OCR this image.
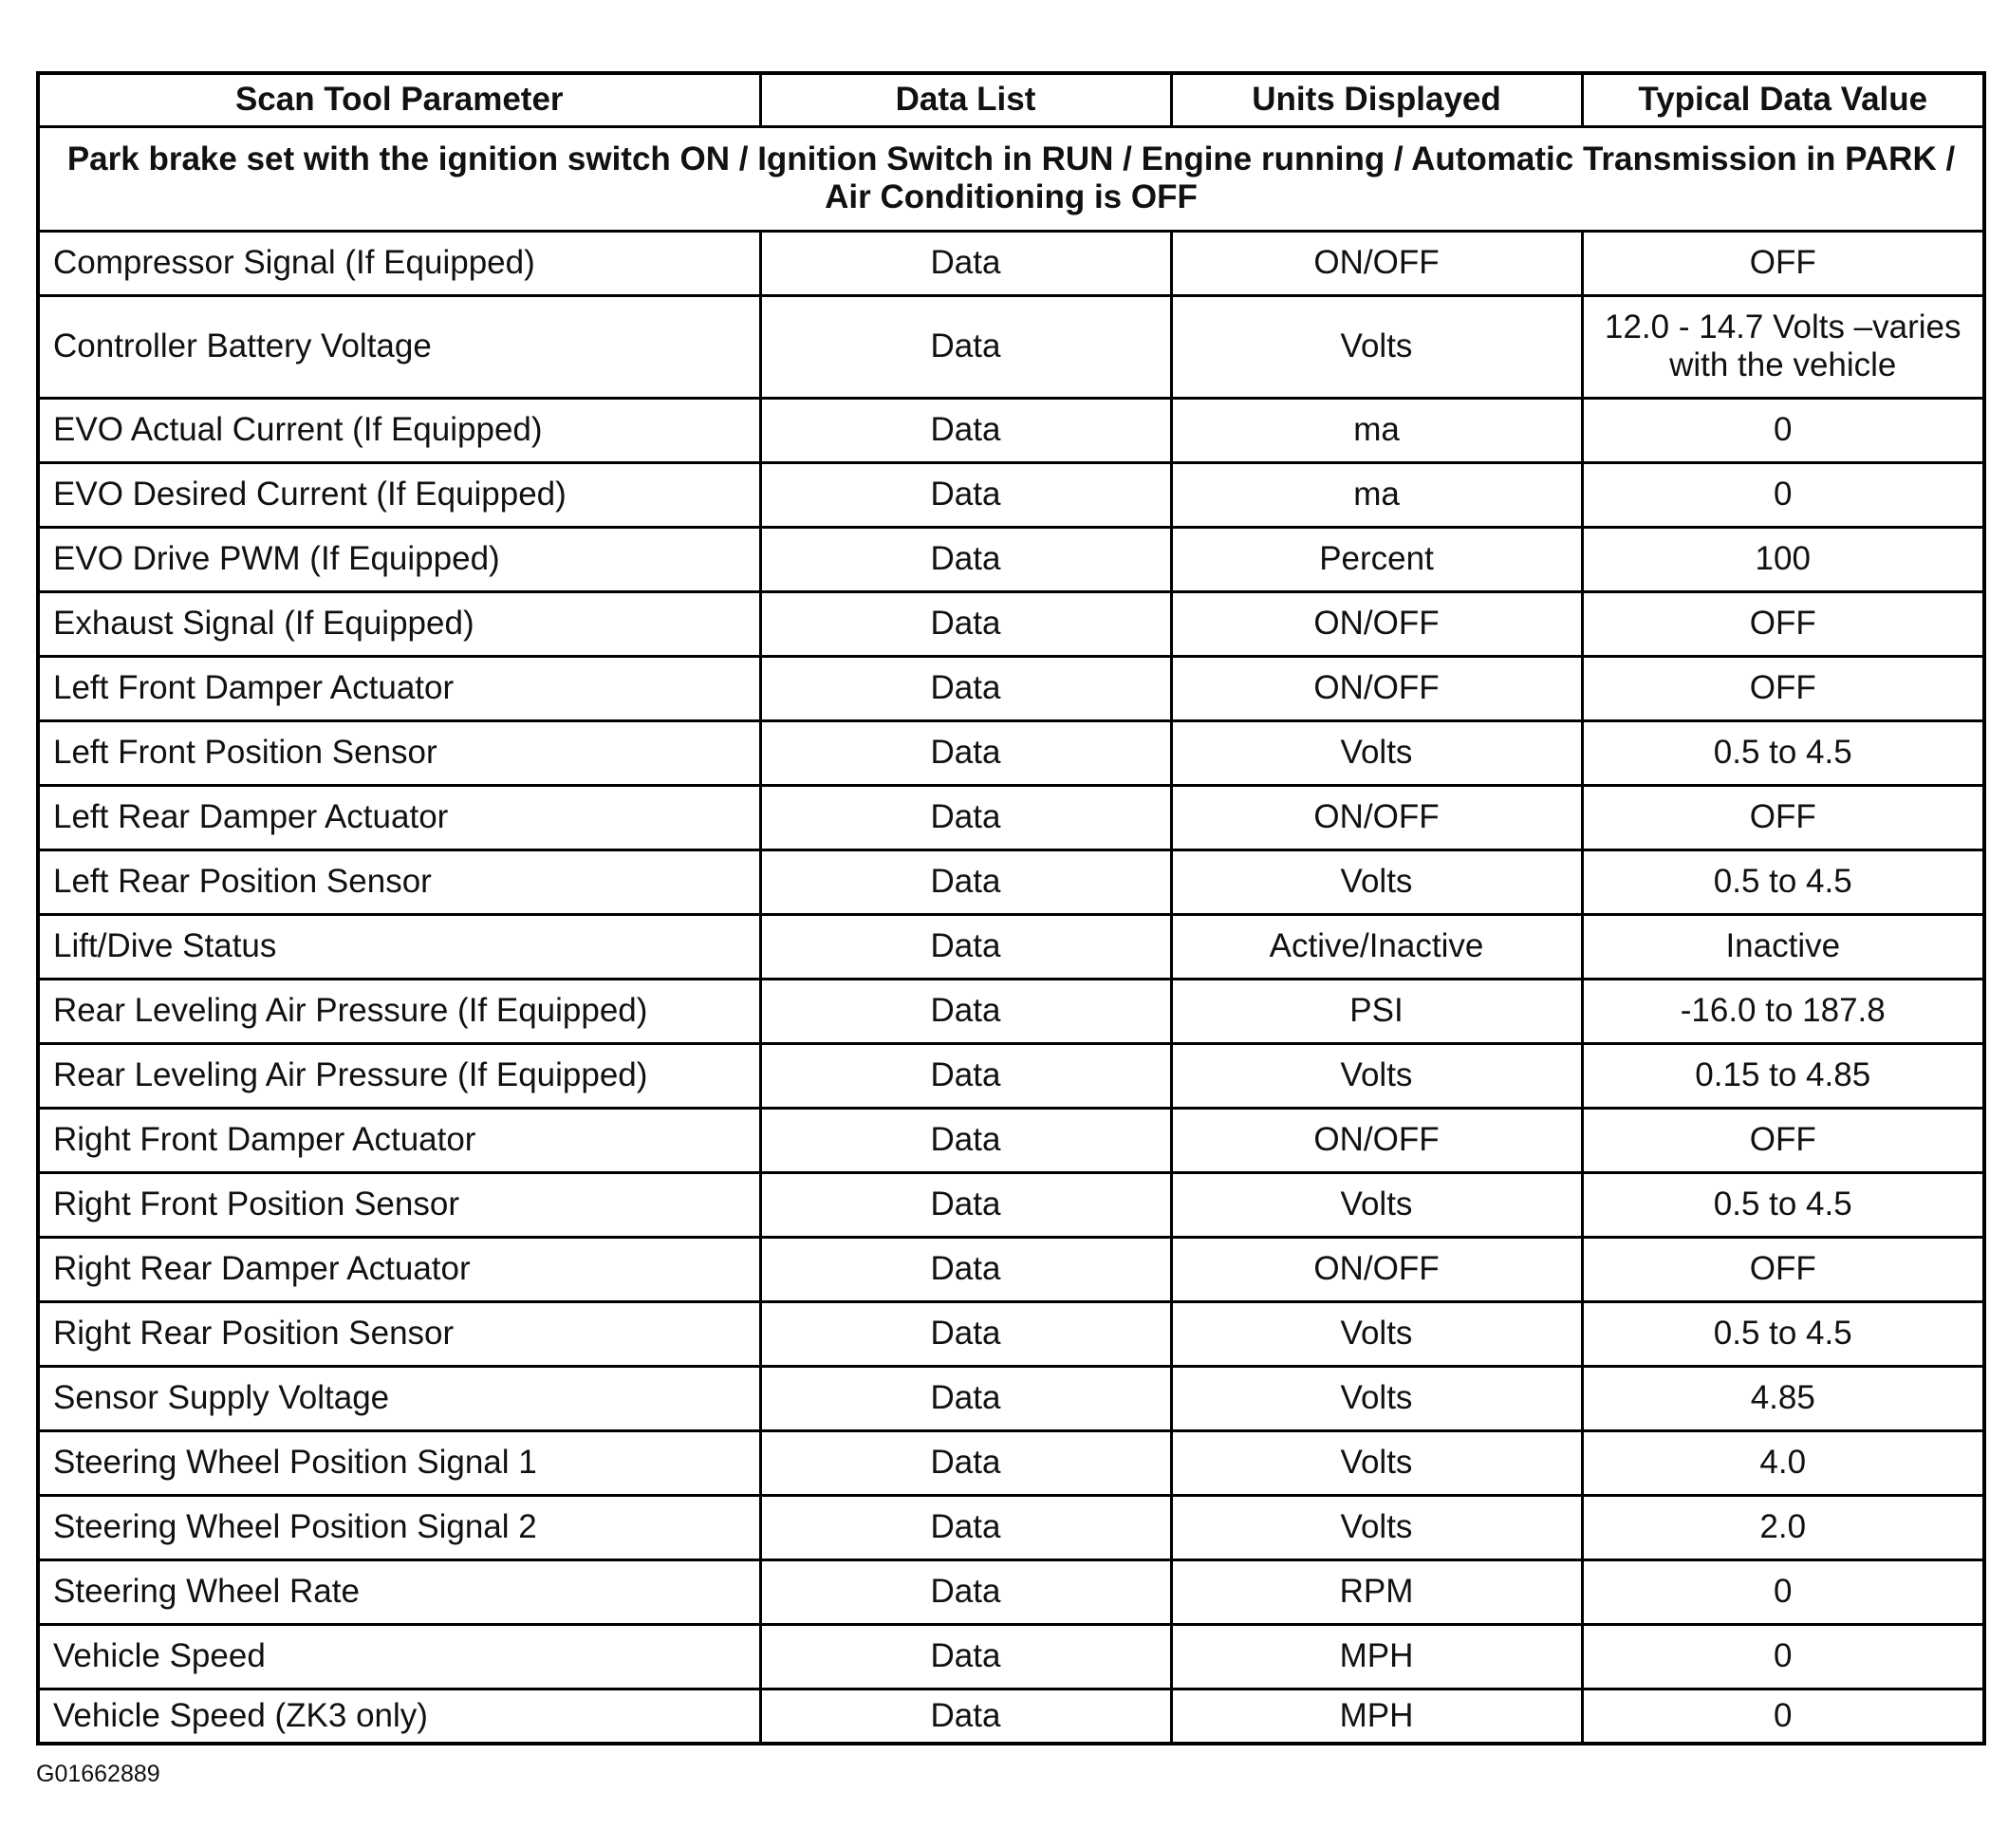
Scan Tool Parameter	Data List	Units Displayed	Typical Data Value
Park brake set with the ignition switch ON / Ignition Switch in RUN / Engine running / Automatic Transmission in PARK / Air Conditioning is OFF			
Compressor Signal (If Equipped)	Data	ON/OFF	OFF
Controller Battery Voltage	Data	Volts	12.0 - 14.7 Volts –varies with the vehicle
EVO Actual Current (If Equipped)	Data	ma	0
EVO Desired Current (If Equipped)	Data	ma	0
EVO Drive PWM (If Equipped)	Data	Percent	100
Exhaust Signal (If Equipped)	Data	ON/OFF	OFF
Left Front Damper Actuator	Data	ON/OFF	OFF
Left Front Position Sensor	Data	Volts	0.5 to 4.5
Left Rear Damper Actuator	Data	ON/OFF	OFF
Left Rear Position Sensor	Data	Volts	0.5 to 4.5
Lift/Dive Status	Data	Active/Inactive	Inactive
Rear Leveling Air Pressure (If Equipped)	Data	PSI	-16.0 to 187.8
Rear Leveling Air Pressure (If Equipped)	Data	Volts	0.15 to 4.85
Right Front Damper Actuator	Data	ON/OFF	OFF
Right Front Position Sensor	Data	Volts	0.5 to 4.5
Right Rear Damper Actuator	Data	ON/OFF	OFF
Right Rear Position Sensor	Data	Volts	0.5 to 4.5
Sensor Supply Voltage	Data	Volts	4.85
Steering Wheel Position Signal 1	Data	Volts	4.0
Steering Wheel Position Signal 2	Data	Volts	2.0
Steering Wheel Rate	Data	RPM	0
Vehicle Speed	Data	MPH	0
Vehicle Speed (ZK3 only)	Data	MPH	0
G01662889
